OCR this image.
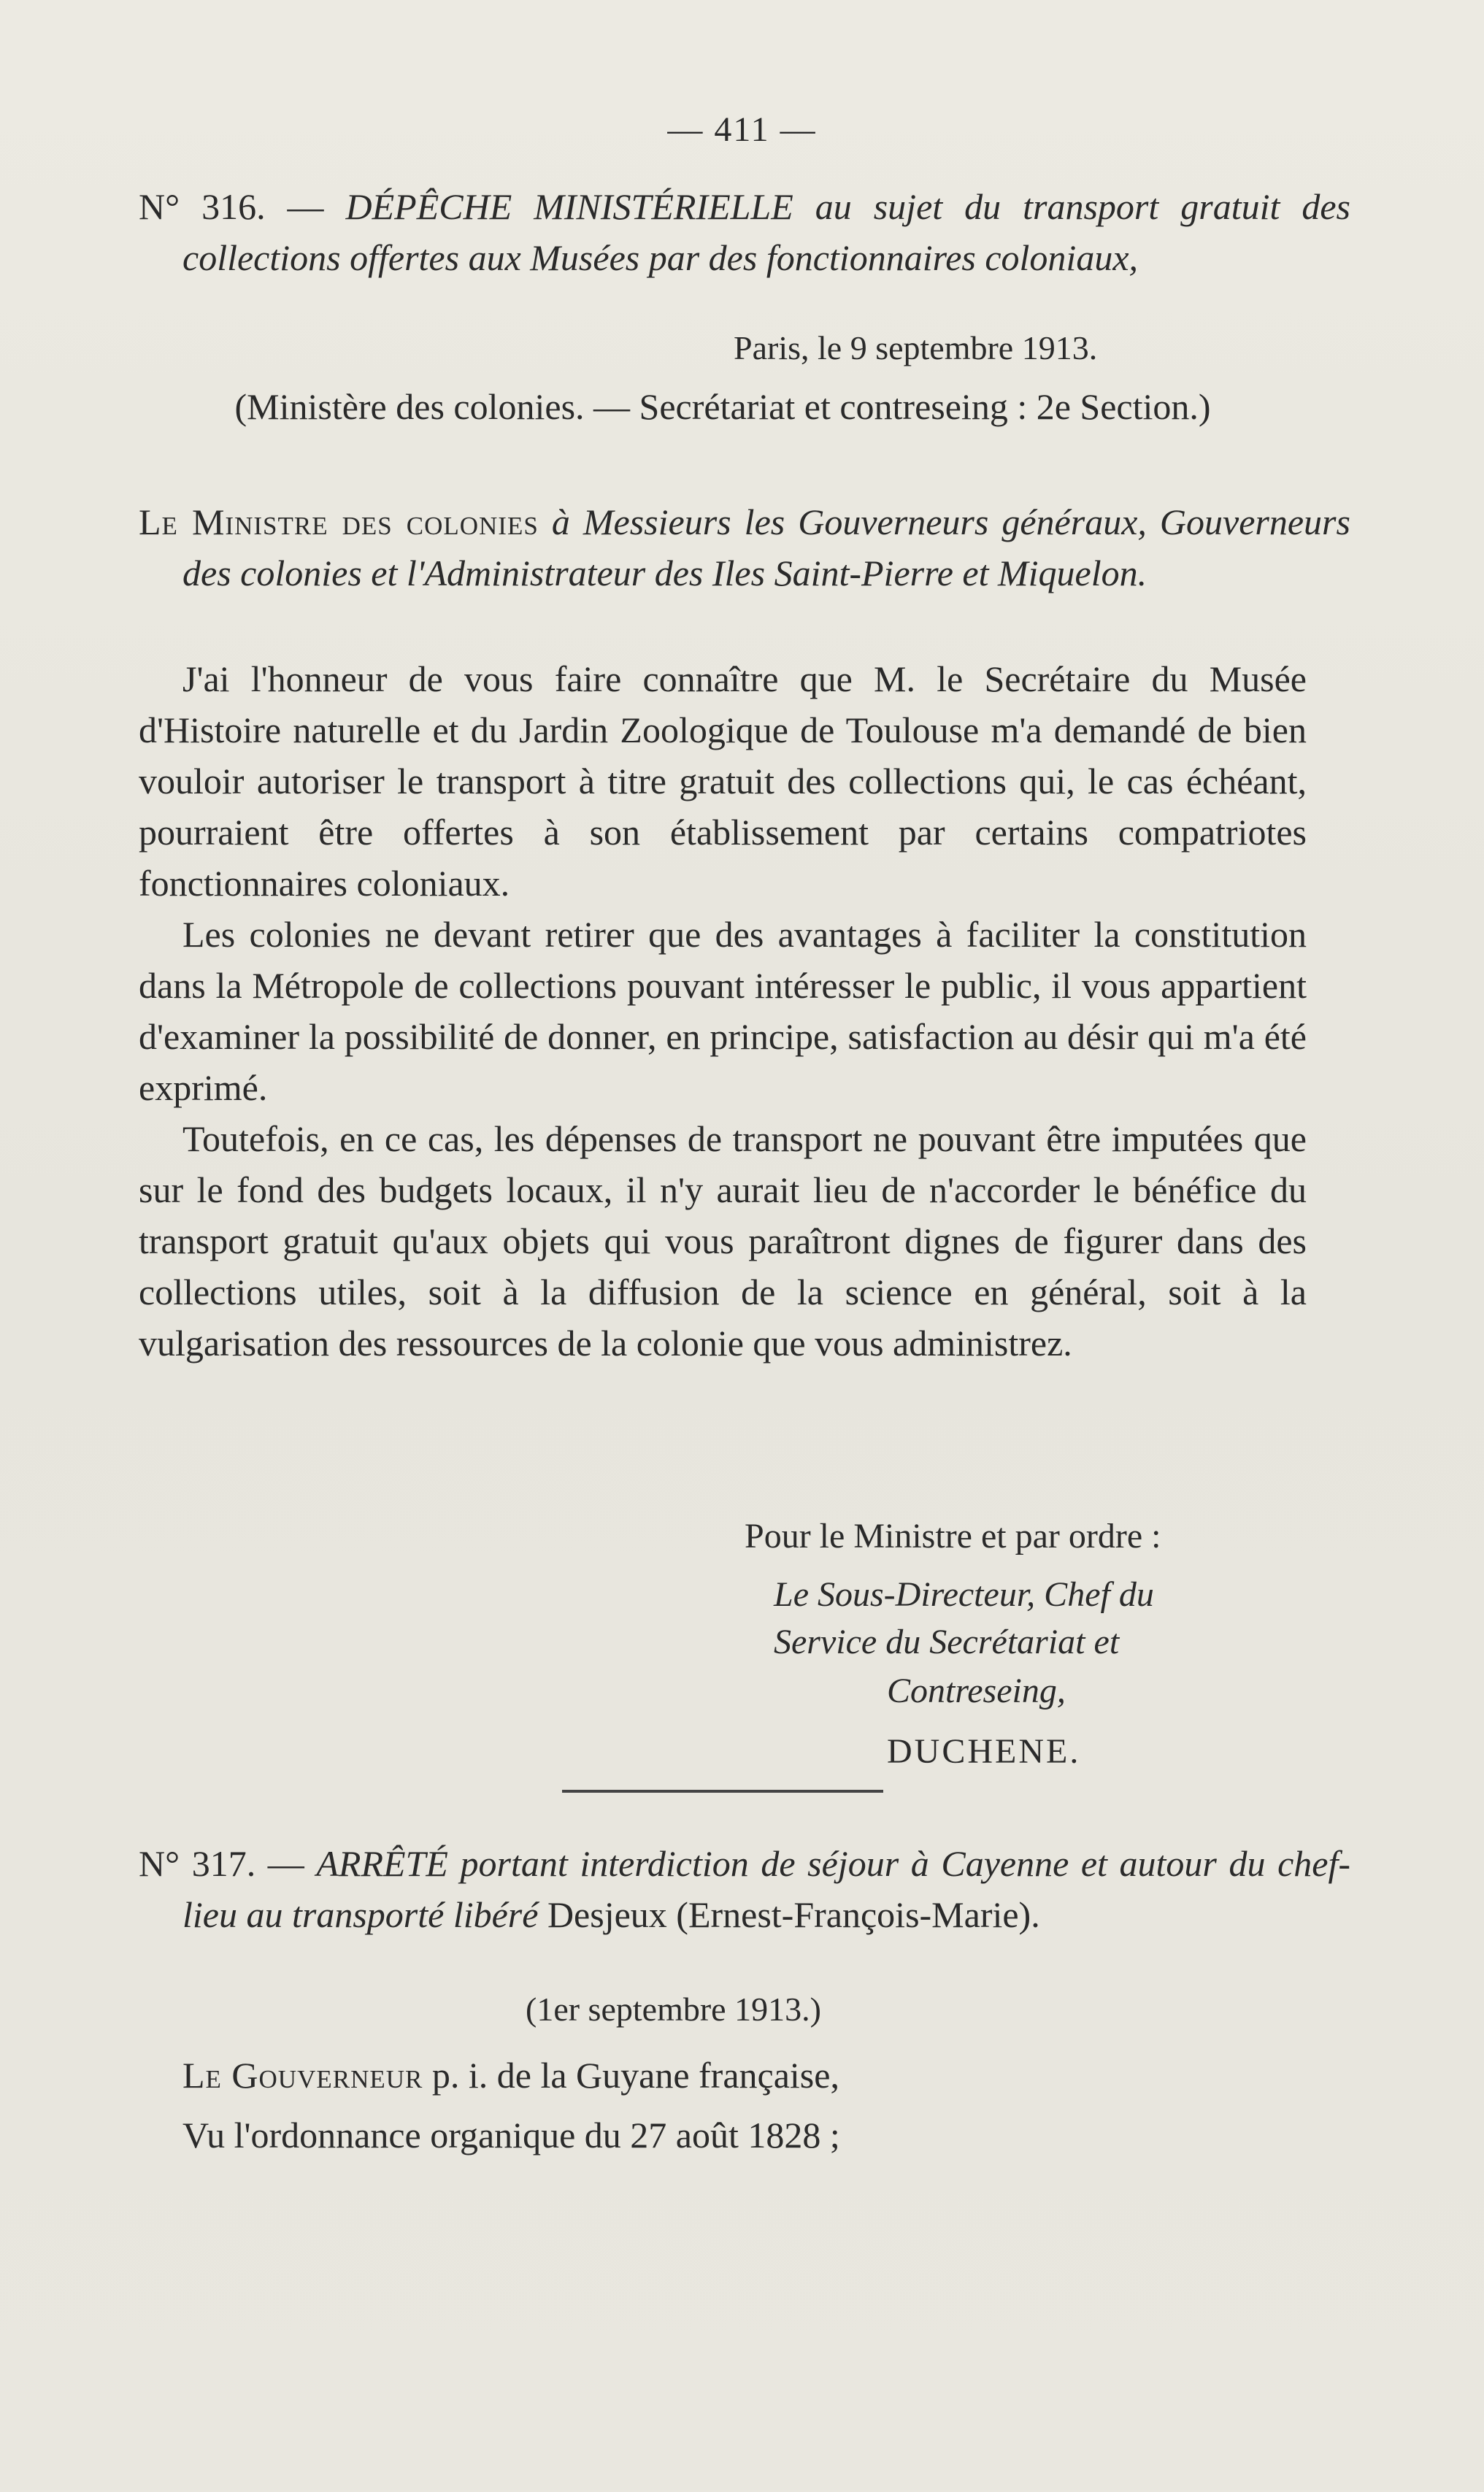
— 411 —
N° 316. — DÉPÊCHE MINISTÉRIELLE au sujet du transport gratuit des collections offertes aux Musées par des fonctionnaires coloniaux,
Paris, le 9 septembre 1913.
(Ministère des colonies. — Secrétariat et contreseing : 2e Section.)
Le Ministre des colonies à Messieurs les Gouverneurs généraux, Gouverneurs des colonies et l'Administrateur des Iles Saint-Pierre et Miquelon.

J'ai l'honneur de vous faire connaître que M. le Secrétaire du Musée d'Histoire naturelle et du Jardin Zoologique de Toulouse m'a demandé de bien vouloir autoriser le transport à titre gratuit des collections qui, le cas échéant, pourraient être offertes à son établissement par certains compatriotes fonctionnaires coloniaux.

Les colonies ne devant retirer que des avantages à faciliter la constitution dans la Métropole de collections pouvant intéresser le public, il vous appartient d'examiner la possibilité de donner, en principe, satisfaction au désir qui m'a été exprimé.

Toutefois, en ce cas, les dépenses de transport ne pouvant être imputées que sur le fond des budgets locaux, il n'y aurait lieu de n'accorder le bénéfice du transport gratuit qu'aux objets qui vous paraîtront dignes de figurer dans des collections utiles, soit à la diffusion de la science en général, soit à la vulgarisation des ressources de la colonie que vous administrez.

Pour le Ministre et par ordre :
Le Sous-Directeur, Chef du
Service du Secrétariat et
Contreseing,
DUCHENE.
N° 317. — ARRÊTÉ portant interdiction de séjour à Cayenne et autour du chef-lieu au transporté libéré Desjeux (Ernest-François-Marie).
(1er septembre 1913.)
Le Gouverneur p. i. de la Guyane française,
Vu l'ordonnance organique du 27 août 1828 ;
